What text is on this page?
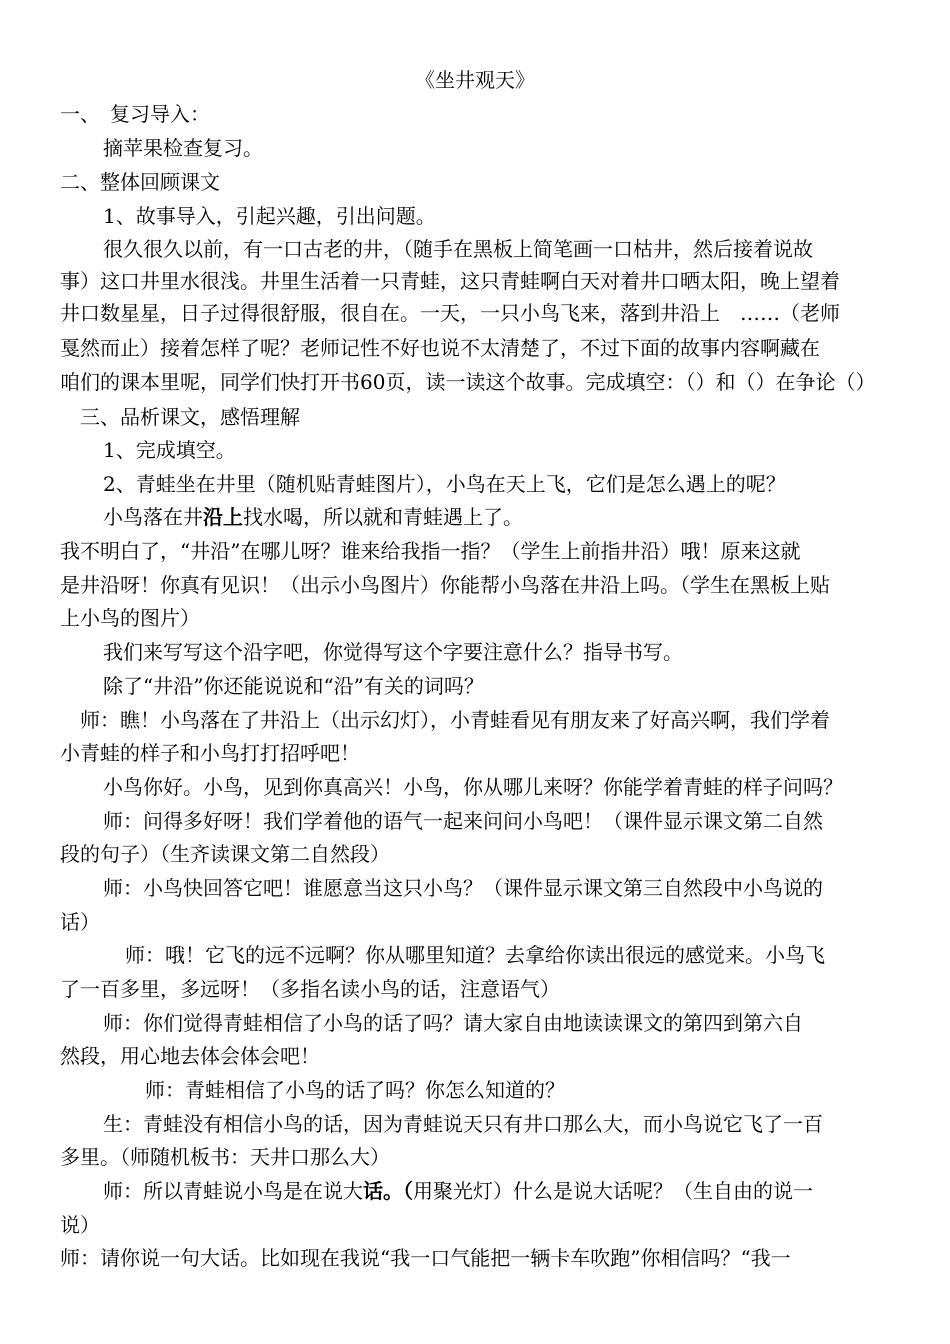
《坐井观天》
一、　复习导入：
摘苹果检查复习。
二、整体回顾课文
1、故事导入，引起兴趣，引出问题。
很久很久以前，有一口古老的井，（随手在黑板上简笔画一口枯井，然后接着说故
事）这口井里水很浅。井里生活着一只青蛙，这只青蛙啊白天对着井口晒太阳，晚上望着
井口数星星，日子过得很舒服，很自在。一天，一只小鸟飞来，落到井沿上　……（老师
戛然而止）接着怎样了呢？老师记性不好也说不太清楚了，不过下面的故事内容啊藏在
咱们的课本里呢，同学们快打开书60页，读一读这个故事。完成填空：（）和（）在争论（）
三、品析课文，感悟理解
1、完成填空。
2、青蛙坐在井里（随机贴青蛙图片），小鸟在天上飞，它们是怎么遇上的呢？
小鸟落在井沿上找水喝，所以就和青蛙遇上了。
我不明白了，“井沿”在哪儿呀？谁来给我指一指？（学生上前指井沿）哦！原来这就
是井沿呀！你真有见识！（出示小鸟图片）你能帮小鸟落在井沿上吗。（学生在黑板上贴
上小鸟的图片）
我们来写写这个沿字吧，你觉得写这个字要注意什么？指导书写。
除了“井沿”你还能说说和“沿”有关的词吗？
师：瞧！小鸟落在了井沿上（出示幻灯），小青蛙看见有朋友来了好高兴啊，我们学着
小青蛙的样子和小鸟打打招呼吧！
小鸟你好。小鸟，见到你真高兴！小鸟，你从哪儿来呀？你能学着青蛙的样子问吗？
师：问得多好呀！我们学着他的语气一起来问问小鸟吧！（课件显示课文第二自然
段的句子）（生齐读课文第二自然段）
师：小鸟快回答它吧！谁愿意当这只小鸟？（课件显示课文第三自然段中小鸟说的
话）
师：哦！它飞的远不远啊？你从哪里知道？去拿给你读出很远的感觉来。小鸟飞
了一百多里，多远呀！（多指名读小鸟的话，注意语气）
师：你们觉得青蛙相信了小鸟的话了吗？请大家自由地读读课文的第四到第六自
然段，用心地去体会体会吧！
师：青蛙相信了小鸟的话了吗？你怎么知道的？
生：青蛙没有相信小鸟的话，因为青蛙说天只有井口那么大，而小鸟说它飞了一百
多里。（师随机板书：天井口那么大）
师：所以青蛙说小鸟是在说大话。（用聚光灯）什么是说大话呢？（生自由的说一
说）
师：请你说一句大话。比如现在我说“我一口气能把一辆卡车吹跑”你相信吗？“我一
